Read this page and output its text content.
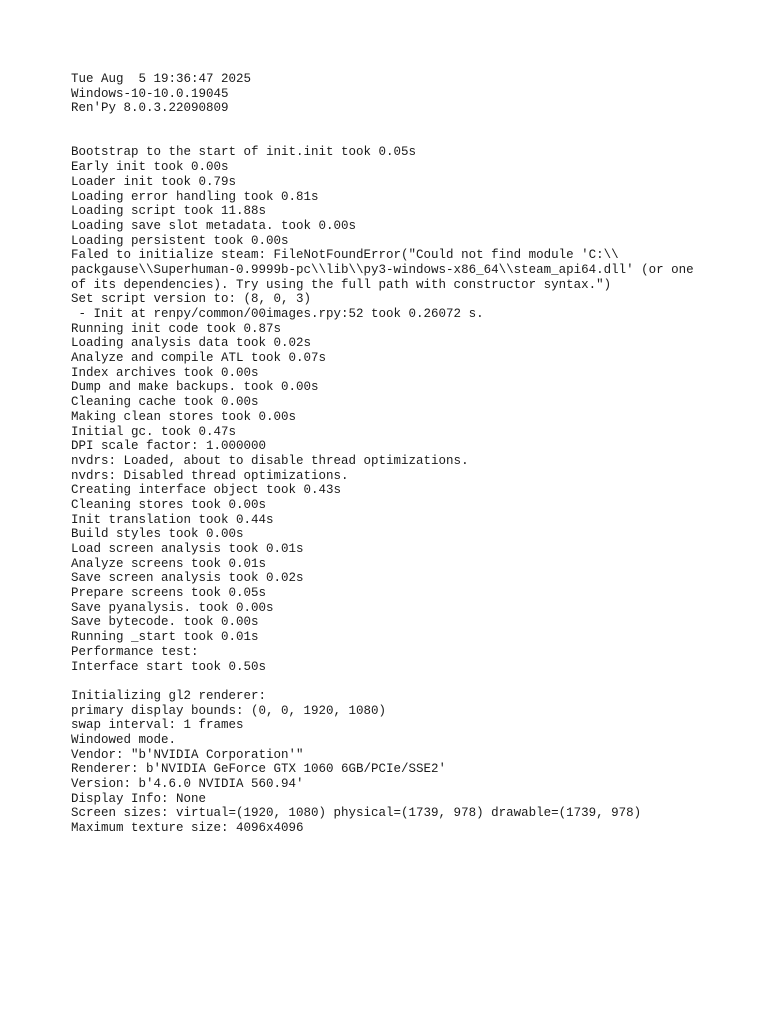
Tue Aug  5 19:36:47 2025
Windows-10-10.0.19045
Ren'Py 8.0.3.22090809
Bootstrap to the start of init.init took 0.05s
Early init took 0.00s
Loader init took 0.79s
Loading error handling took 0.81s
Loading script took 11.88s
Loading save slot metadata. took 0.00s
Loading persistent took 0.00s
Faled to initialize steam: FileNotFoundError("Could not find module 'C:\\
packgause\\Superhuman-0.9999b-pc\\lib\\py3-windows-x86_64\\steam_api64.dll' (or one
of its dependencies). Try using the full path with constructor syntax.")
Set script version to: (8, 0, 3)
- Init at renpy/common/00images.rpy:52 took 0.26072 s.
Running init code took 0.87s
Loading analysis data took 0.02s
Analyze and compile ATL took 0.07s
Index archives took 0.00s
Dump and make backups. took 0.00s
Cleaning cache took 0.00s
Making clean stores took 0.00s
Initial gc. took 0.47s
DPI scale factor: 1.000000
nvdrs: Loaded, about to disable thread optimizations.
nvdrs: Disabled thread optimizations.
Creating interface object took 0.43s
Cleaning stores took 0.00s
Init translation took 0.44s
Build styles took 0.00s
Load screen analysis took 0.01s
Analyze screens took 0.01s
Save screen analysis took 0.02s
Prepare screens took 0.05s
Save pyanalysis. took 0.00s
Save bytecode. took 0.00s
Running _start took 0.01s
Performance test:
Interface start took 0.50s
Initializing gl2 renderer:
primary display bounds: (0, 0, 1920, 1080)
swap interval: 1 frames
Windowed mode.
Vendor: "b'NVIDIA Corporation'"
Renderer: b'NVIDIA GeForce GTX 1060 6GB/PCIe/SSE2'
Version: b'4.6.0 NVIDIA 560.94'
Display Info: None
Screen sizes: virtual=(1920, 1080) physical=(1739, 978) drawable=(1739, 978)
Maximum texture size: 4096x4096
